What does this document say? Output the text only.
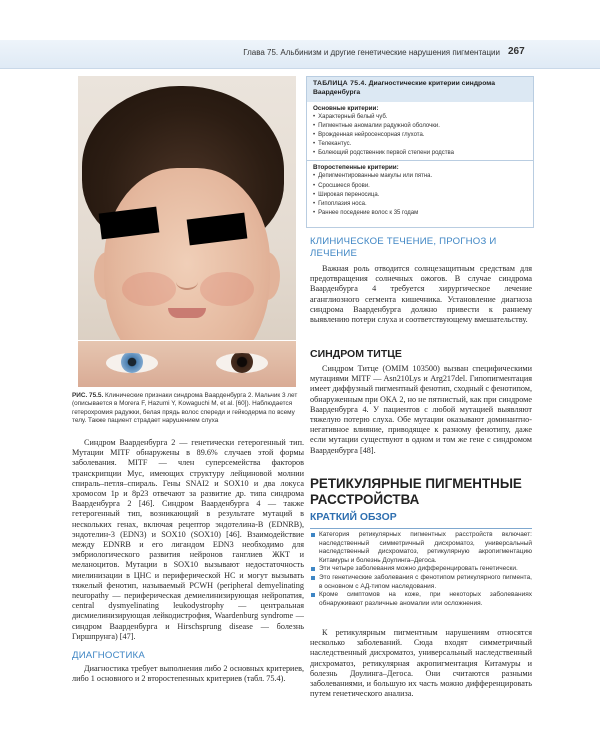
Глава 75. Альбинизм и другие генетические нарушения пигментации 267
РИС. 75.5. Клинические признаки синдрома Ваарденбурга 2. Мальчик 3 лет (описывается в Morera F, Hazumi Y, Kowaguchi M, et al. [60]). Наблюдается гетерохромия радужки, белая прядь волос спереди и гейкодерма по всему телу. Также пациент страдает нарушением слуха
ТАБЛИЦА 75.4. Диагностические критерии синдрома Ваарденбурга
Основные критерии:
• Характерный белый чуб.
• Пигментные аномалии радужной оболочки.
• Врожденная нейросенсорная глухота.
• Телекантус.
• Болеющий родственник первой степени родства
Второстепенные критерии:
• Депигментированные макулы или пятна.
• Сросшиеся брови.
• Широкая переносица.
• Гипоплазия носа.
• Раннее поседение волос к 35 годам
Синдром Ваарденбурга 2 — генетически гетерогенный тип. Мутации MITF обнаружены в 89.6% случаев этой формы заболевания. MITF — член суперсемейства факторов транскрипции Myc, имеющих структуру лейциновой молнии спираль–петля–спираль. Гены SNAI2 и SOX10 и два локуса хромосом 1p и 8p23 отвечают за развитие др. типа синдрома Ваарденбурга 2 [46]. Синдром Ваарденбурга 4 — также гетерогенный тип, возникающий в результате мутаций в нескольких генах, включая рецептор эндотелина-B (EDNRB), эндотелин-3 (EDN3) и SOX10 (SOX10) [46]. Взаимодействие между EDNRB и его лигандом EDN3 необходимо для эмбриологического развития нейронов ганглиев ЖКТ и меланоцитов. Мутации в SOX10 вызывают недостаточность миелинизации в ЦНС и периферической НС и могут вызывать тяжелый фенотип, называемый PCWH (peripheral demyelinating neuropathy — периферическая демиелинизирующая нейропатия, central dysmyelinating leukodystrophy — центральная дисмиелинизирующая лейкодистрофия, Waardenburg syndrome — синдром Ваарденбурга и Hirschsprung disease — болезнь Гиршпрунга) [47].
ДИАГНОСТИКА
Диагностика требует выполнения либо 2 основных критериев, либо 1 основного и 2 второстепенных критериев (табл. 75.4).
КЛИНИЧЕСКОЕ ТЕЧЕНИЕ, ПРОГНОЗ И ЛЕЧЕНИЕ
Важная роль отводится солнцезащитным средствам для предотвращения солнечных ожогов. В случае синдрома Ваарденбурга 4 требуется хирургическое лечение аганглиозного сегмента кишечника. Установление диагноза синдрома Ваарденбурга должно привести к раннему выявлению потери слуха и соответствующему вмешательству.
СИНДРОМ ТИТЦЕ
Синдром Титце (OMIM 103500) вызван специфическими мутациями MITF — Asn210Lys и Arg217del. Гипопигментация имеет диффузный пигментный фенотип, сходный с фенотипом, обнаруженным при ОКА 2, но не пятнистый, как при синдроме Ваарденбурга 4. У пациентов с любой мутацией выявляют тяжелую потерю слуха. Обе мутации оказывают доминантно-негативное влияние, приводящее к разному фенотипу, даже если мутации существуют в одном и том же гене с синдромом Ваарденбурга [48].
РЕТИКУЛЯРНЫЕ ПИГМЕНТНЫЕ РАССТРОЙСТВА
КРАТКИЙ ОБЗОР
Категория ретикулярных пигментных расстройств включает: наследственный симметричный дисхроматоз, универсальный наследственный дисхроматоз, ретикулярную акропигментацию Китамуры и болезнь Доулинга–Дегоса.
Эти четыре заболевания можно дифференцировать генетически.
Это генетические заболевания с фенотипом ретикулярного пигмента, в основном с АД-типом наследования.
Кроме симптомов на коже, при некоторых заболеваниях обнаруживают различные аномалии или осложнения.
К ретикулярным пигментным нарушениям относятся несколько заболеваний. Сюда входят симметричный наследственный дисхроматоз, универсальный наследственный дисхроматоз, ретикулярная акропигментация Китамуры и болезнь Доулинга–Дегоса. Они считаются разными заболеваниями, и большую их часть можно дифференцировать путем генетического анализа.
